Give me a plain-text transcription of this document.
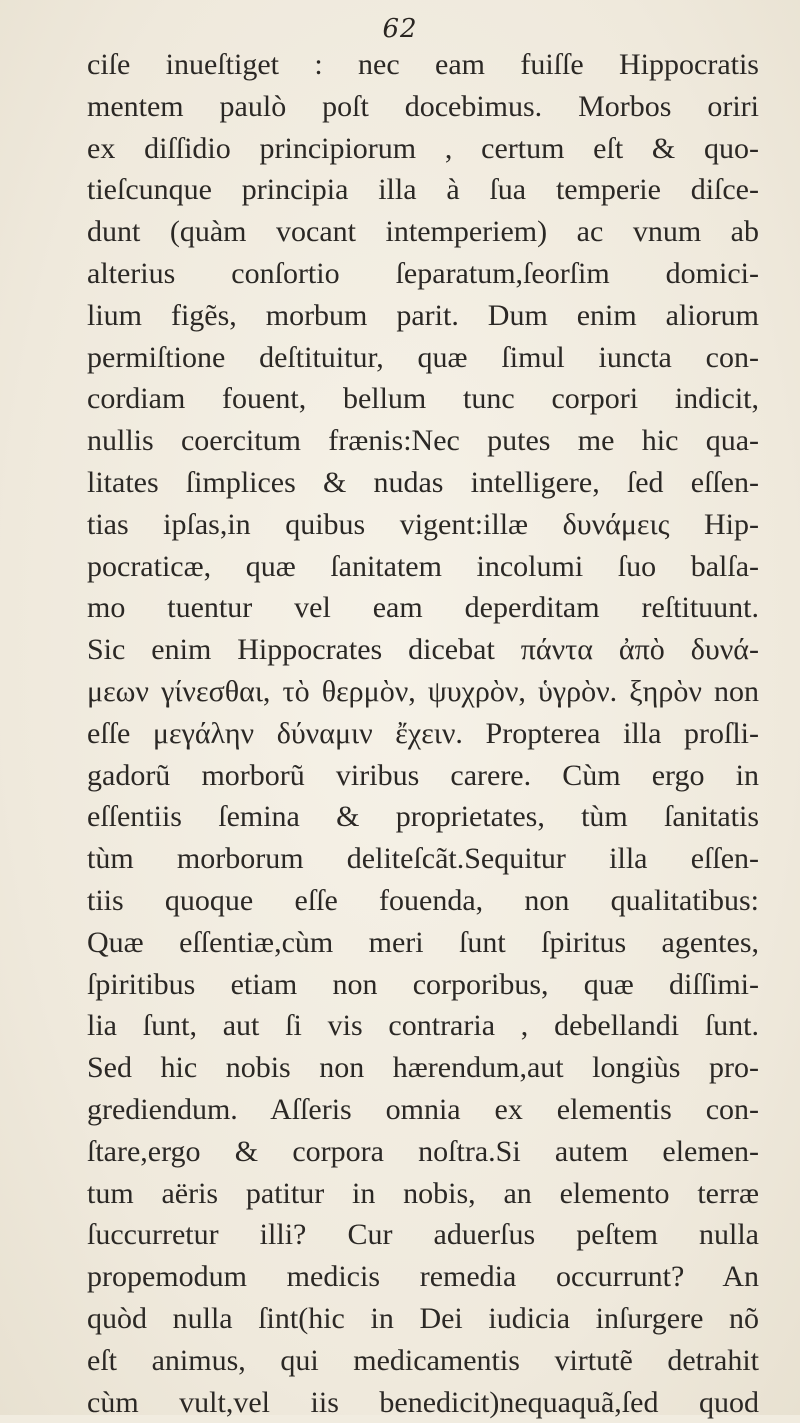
62
ciſe inueſtiget : nec eam fuiſſe Hippocratis
mentem paulò poſt docebimus. Morbos oriri
ex diſſidio principiorum , certum eſt & quo-
tieſcunque principia illa à ſua temperie diſce-
dunt (quàm vocant intemperiem) ac vnum ab
alterius conſortio ſeparatum,ſeorſim domici-
lium figẽs, morbum parit. Dum enim aliorum
permiſtione deſtituitur, quæ ſimul iuncta con-
cordiam fouent, bellum tunc corpori indicit,
nullis coercitum frænis:Nec putes me hic qua-
litates ſimplices & nudas intelligere, ſed eſſen-
tias ipſas,in quibus vigent:illæ δυνάμεις Hip-
pocraticæ, quæ ſanitatem incolumi ſuo balſa-
mo tuentur vel eam deperditam reſtituunt.
Sic enim Hippocrates dicebat πάντα ἀπὸ δυνά-
μεων γίνεσθαι, τὸ θερμὸν, ψυχρὸν, ὑγρὸν. ξηρὸν non
eſſe μεγάλην δύναμιν ἔχειν. Propterea illa proſli-
gadorũ morborũ viribus carere. Cùm ergo in
eſſentiis ſemina & proprietates, tùm ſanitatis
tùm morborum deliteſcãt.Sequitur illa eſſen-
tiis quoque eſſe fouenda, non qualitatibus:
Quæ eſſentiæ,cùm meri ſunt ſpiritus agentes,
ſpiritibus etiam non corporibus, quæ diſſimi-
lia ſunt, aut ſi vis contraria , debellandi ſunt.
Sed hic nobis non hærendum,aut longiùs pro-
grediendum. Aſſeris omnia ex elementis con-
ſtare,ergo & corpora noſtra.Si autem elemen-
tum aëris patitur in nobis, an elemento terræ
ſuccurretur illi? Cur aduerſus peſtem nulla
propemodum medicis remedia occurrunt? An
quòd nulla ſint(hic in Dei iudicia inſurgere nõ
eſt animus, qui medicamentis virtutẽ detrahit
cùm vult,vel iis benedicit)nequaquã,ſed quod
